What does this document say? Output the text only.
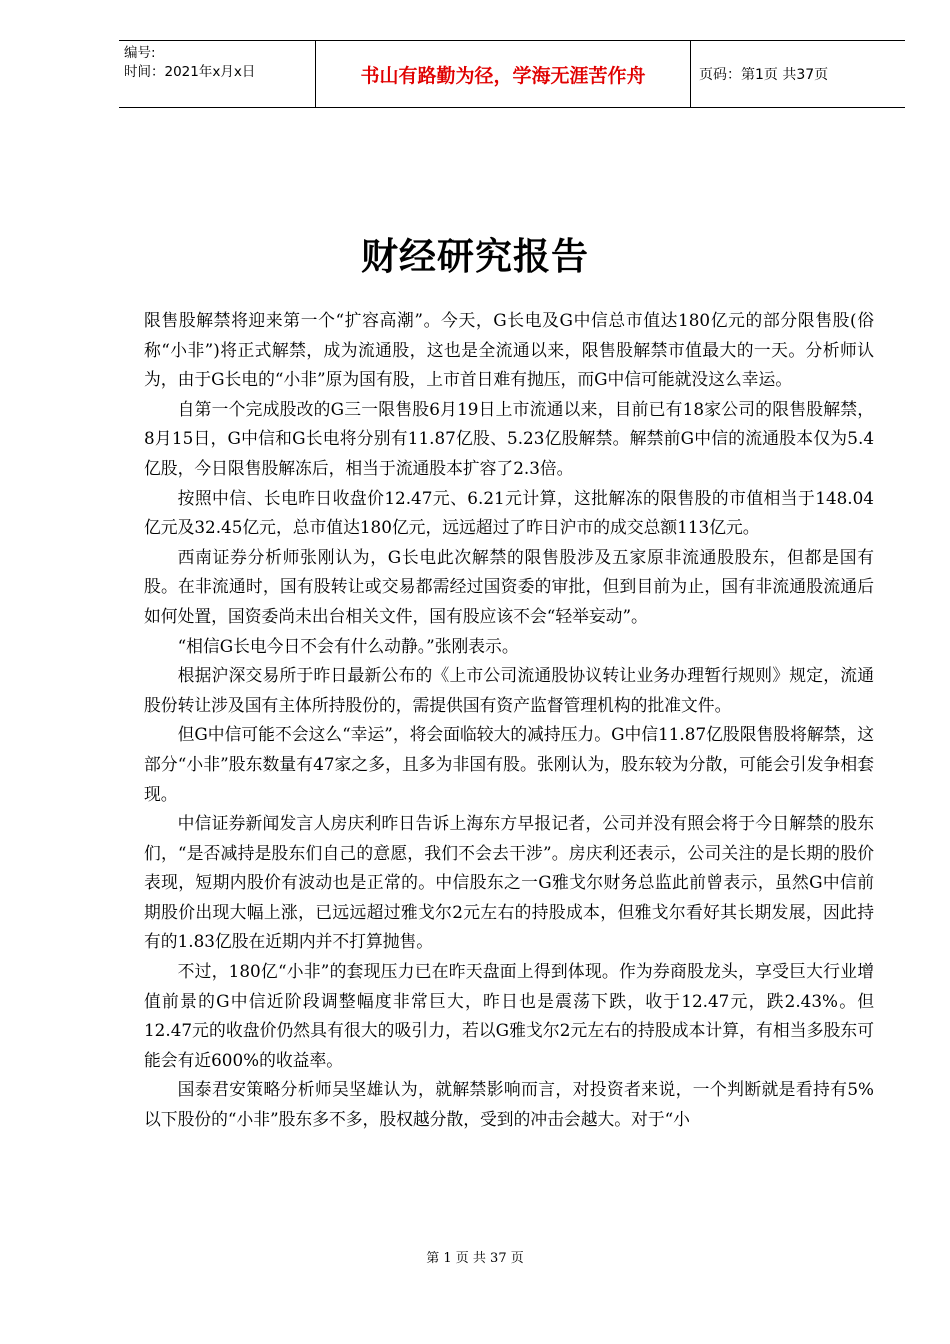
编号:
时间：2021年x月x日	书山有路勤为径，学海无涯苦作舟	页码：第1页 共37页
财经研究报告

限售股解禁将迎来第一个“扩容高潮”。今天，G长电及G中信总市值达180亿元的部分限售股(俗称“小非”)将正式解禁，成为流通股，这也是全流通以来，限售股解禁市值最大的一天。分析师认为，由于G长电的“小非”原为国有股，上市首日难有抛压，而G中信可能就没这么幸运。

自第一个完成股改的G三一限售股6月19日上市流通以来，目前已有18家公司的限售股解禁，8月15日，G中信和G长电将分别有11.87亿股、5.23亿股解禁。解禁前G中信的流通股本仅为5.4亿股，今日限售股解冻后，相当于流通股本扩容了2.3倍。

按照中信、长电昨日收盘价12.47元、6.21元计算，这批解冻的限售股的市值相当于148.04亿元及32.45亿元，总市值达180亿元，远远超过了昨日沪市的成交总额113亿元。

西南证券分析师张刚认为，G长电此次解禁的限售股涉及五家原非流通股股东，但都是国有股。在非流通时，国有股转让或交易都需经过国资委的审批，但到目前为止，国有非流通股流通后如何处置，国资委尚未出台相关文件，国有股应该不会“轻举妄动”。

“相信G长电今日不会有什么动静。”张刚表示。

根据沪深交易所于昨日最新公布的《上市公司流通股协议转让业务办理暂行规则》规定，流通股份转让涉及国有主体所持股份的，需提供国有资产监督管理机构的批准文件。

但G中信可能不会这么“幸运”，将会面临较大的减持压力。G中信11.87亿股限售股将解禁，这部分“小非”股东数量有47家之多，且多为非国有股。张刚认为，股东较为分散，可能会引发争相套现。

中信证券新闻发言人房庆利昨日告诉上海东方早报记者，公司并没有照会将于今日解禁的股东们，“是否减持是股东们自己的意愿，我们不会去干涉”。房庆利还表示，公司关注的是长期的股价表现，短期内股价有波动也是正常的。中信股东之一G雅戈尔财务总监此前曾表示，虽然G中信前期股价出现大幅上涨，已远远超过雅戈尔2元左右的持股成本，但雅戈尔看好其长期发展，因此持有的1.83亿股在近期内并不打算抛售。

不过，180亿“小非”的套现压力已在昨天盘面上得到体现。作为券商股龙头，享受巨大行业增值前景的G中信近阶段调整幅度非常巨大，昨日也是震荡下跌，收于12.47元，跌2.43%。但12.47元的收盘价仍然具有很大的吸引力，若以G雅戈尔2元左右的持股成本计算，有相当多股东可能会有近600%的收益率。

国泰君安策略分析师吴坚雄认为，就解禁影响而言，对投资者来说，一个判断就是看持有5%以下股份的“小非”股东多不多，股权越分散，受到的冲击会越大。对于“小

第 1 页 共 37 页
